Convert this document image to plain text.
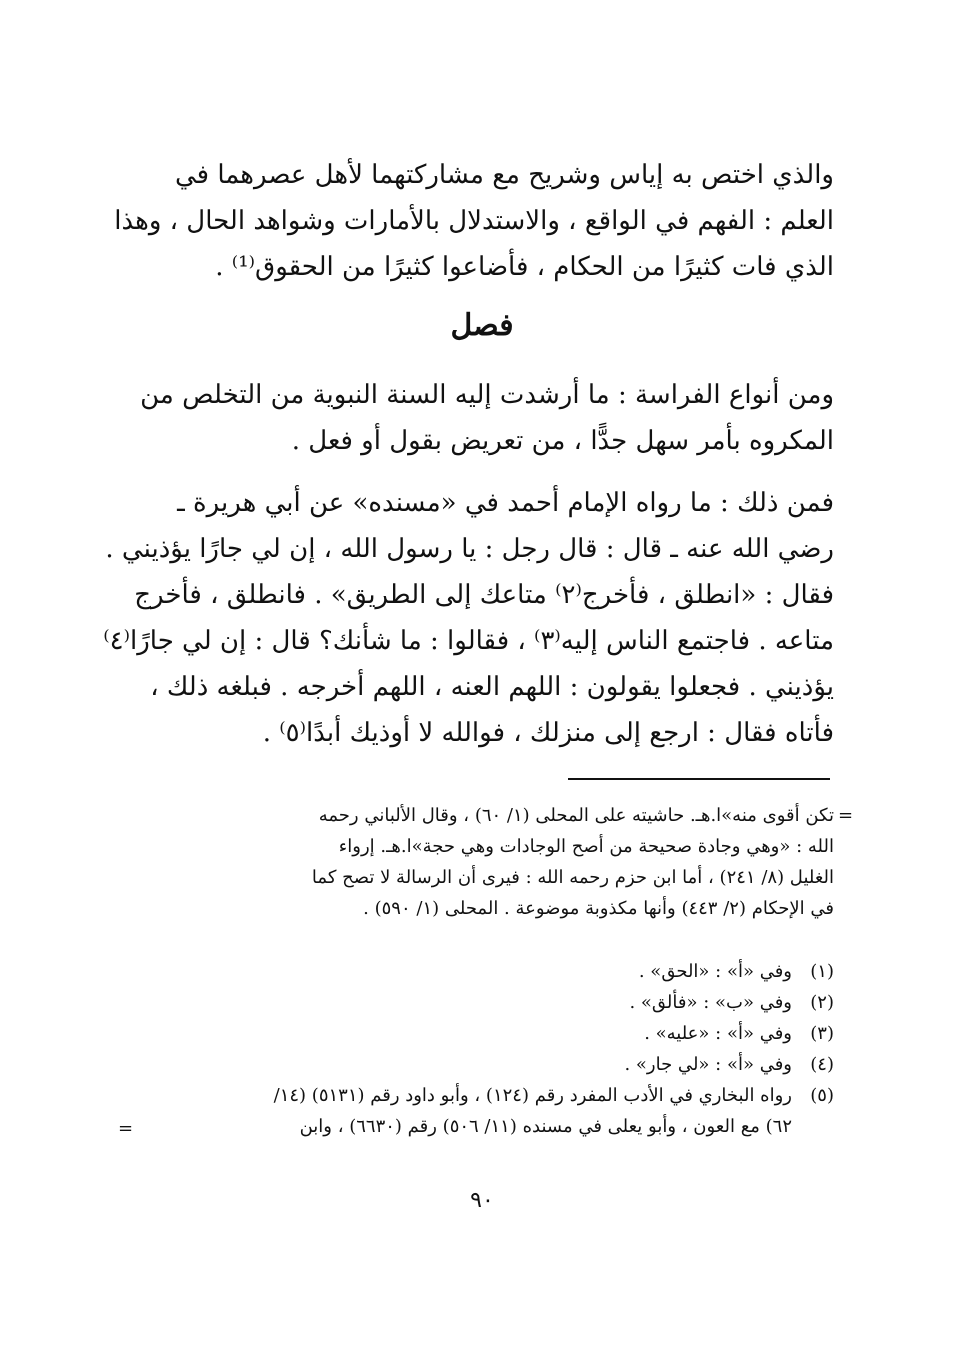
والذي اختص به إياس وشريح مع مشاركتهما لأهل عصرهما في
العلم : الفهم في الواقع ، والاستدلال بالأمارات وشواهد الحال ، وهذا
الذي فات كثيرًا من الحكام ، فأضاعوا كثيرًا من الحقوق⁽¹⁾ .
فصل
ومن أنواع الفراسة : ما أرشدت إليه السنة النبوية من التخلص من
المكروه بأمر سهل جدًّا ، من تعريض بقول أو فعل .
فمن ذلك : ما رواه الإمام أحمد في «مسنده» عن أبي هريرة ـ
رضي الله عنه ـ قال : قال رجل : يا رسول الله ، إن لي جارًا يؤذيني .
فقال : «انطلق ، فأخرج⁽٢⁾ متاعك إلى الطريق» . فانطلق ، فأخرج
متاعه . فاجتمع الناس إليه⁽٣⁾ ، فقالوا : ما شأنك؟ قال : إن لي جارًا⁽٤⁾
يؤذيني . فجعلوا يقولون : اللهم العنه ، اللهم أخرجه . فبلغه ذلك ،
فأتاه فقال : ارجع إلى منزلك ، فوالله لا أوذيك أبدًا⁽٥⁾ .
=
تكن أقوى منه»ا.هـ. حاشيته على المحلى (١/ ٦٠) ، وقال الألباني رحمه
الله : «وهي وجادة صحيحة من أصح الوجادات وهي حجة»ا.هـ. إرواء
الغليل (٨/ ٢٤١) ، أما ابن حزم رحمه الله : فيرى أن الرسالة لا تصح كما
في الإحكام (٢/ ٤٤٣) وأنها مكذوبة موضوعة . المحلى (١/ ٥٩٠) .
(١)وفي «أ» : «الحق» .
(٢)وفي «ب» : «فألق» .
(٣)وفي «أ» : «عليه» .
(٤)وفي «أ» : «لي جار» .
(٥)رواه البخاري في الأدب المفرد رقم (١٢٤) ، وأبو داود رقم (٥١٣١) (١٤/
٦٢) مع العون ، وأبو يعلى في مسنده (١١/ ٥٠٦) رقم (٦٦٣٠) ، وابن
=
٩٠
